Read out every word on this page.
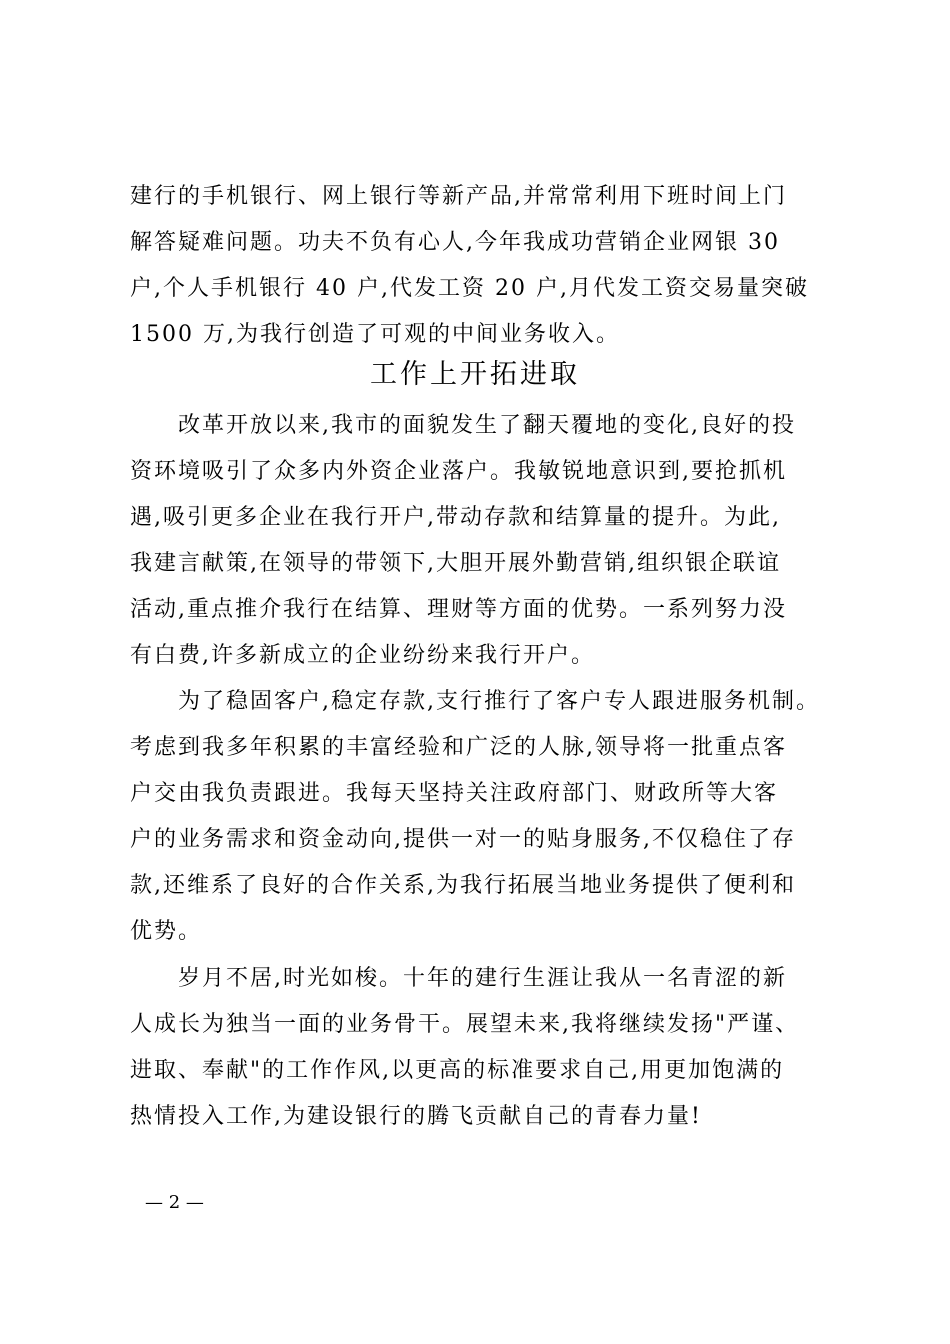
建行的手机银行、网上银行等新产品,并常常利用下班时间上门
解答疑难问题。功夫不负有心人,今年我成功营销企业网银 30
户,个人手机银行 40 户,代发工资 20 户,月代发工资交易量突破
1500 万,为我行创造了可观的中间业务收入。
工作上开拓进取
改革开放以来,我市的面貌发生了翻天覆地的变化,良好的投
资环境吸引了众多内外资企业落户。我敏锐地意识到,要抢抓机
遇,吸引更多企业在我行开户,带动存款和结算量的提升。为此,
我建言献策,在领导的带领下,大胆开展外勤营销,组织银企联谊
活动,重点推介我行在结算、理财等方面的优势。一系列努力没
有白费,许多新成立的企业纷纷来我行开户。
为了稳固客户,稳定存款,支行推行了客户专人跟进服务机制。
考虑到我多年积累的丰富经验和广泛的人脉,领导将一批重点客
户交由我负责跟进。我每天坚持关注政府部门、财政所等大客
户的业务需求和资金动向,提供一对一的贴身服务,不仅稳住了存
款,还维系了良好的合作关系,为我行拓展当地业务提供了便利和
优势。
岁月不居,时光如梭。十年的建行生涯让我从一名青涩的新
人成长为独当一面的业务骨干。展望未来,我将继续发扬"严谨、
进取、奉献"的工作作风,以更高的标准要求自己,用更加饱满的
热情投入工作,为建设银行的腾飞贡献自己的青春力量!
— 2 —
